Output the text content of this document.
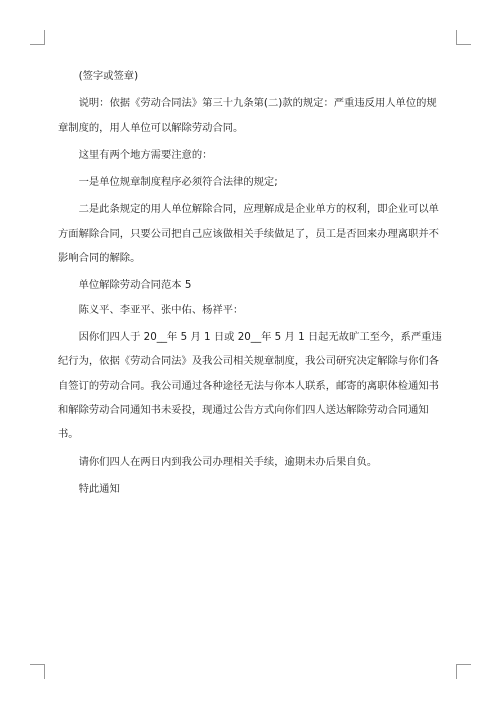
(签字或签章)

说明：依据《劳动合同法》第三十九条第(二)款的规定：严重违反用人单位的规章制度的，用人单位可以解除劳动合同。

这里有两个地方需要注意的：

一是单位规章制度程序必须符合法律的规定;

二是此条规定的用人单位解除合同，应理解成是企业单方的权利，即企业可以单方面解除合同，只要公司把自己应该做相关手续做足了，员工是否回来办理离职并不影响合同的解除。

单位解除劳动合同范本 5

陈义平、李亚平、张中佑、杨祥平：

因你们四人于 20__年 5 月 1 日或 20__年 5 月 1 日起无故旷工至今，系严重违纪行为，依据《劳动合同法》及我公司相关规章制度，我公司研究决定解除与你们各自签订的劳动合同。我公司通过各种途径无法与你本人联系，邮寄的离职体检通知书和解除劳动合同通知书未妥投，现通过公告方式向你们四人送达解除劳动合同通知书。

请你们四人在两日内到我公司办理相关手续，逾期未办后果自负。

特此通知
